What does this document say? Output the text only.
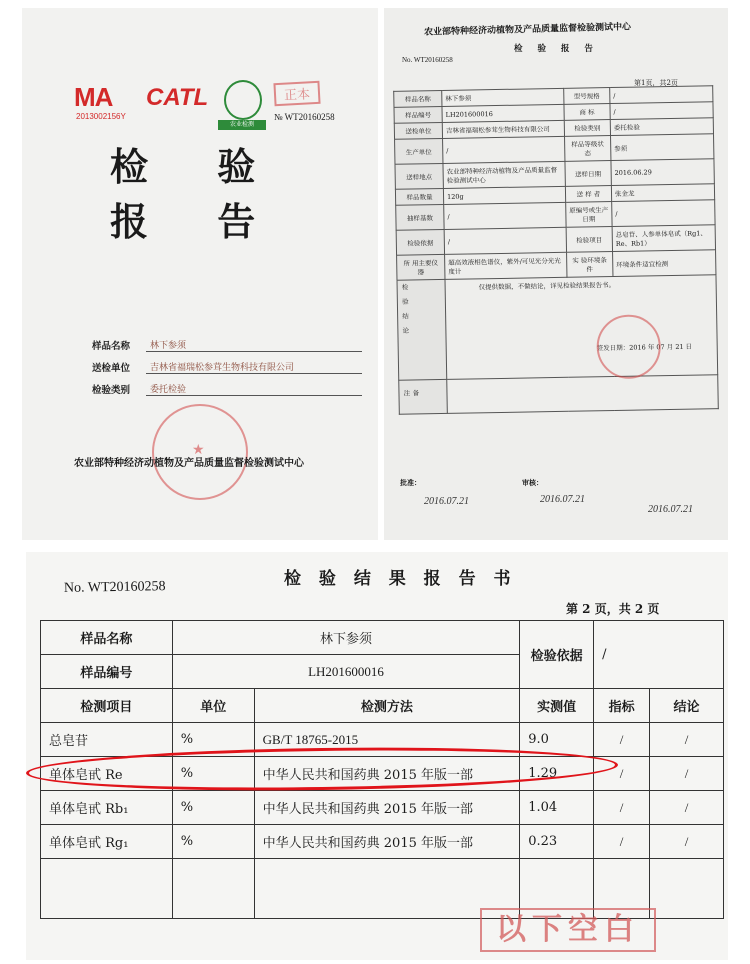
MA
2013002156Y
CATL
农业检测
正本
№ WT20160258
检 验 报 告
样品名称	林下参须
送检单位	吉林省福瑞松参茸生物科技有限公司
检验类别	委托检验
★
农业部特种经济动植物及产品质量监督检验测试中心
农业部特种经济动植物及产品质量监督检验测试中心
检 验 报 告
No. WT20160258
第1页，共2页
样品名称	林下参须	型号规格	/
样品编号	LH201600016	商 标	/
送检单位	吉林省福瑞松参茸生物科技有限公司	检验类别	委托检验
生产单位	/	样品等级状 态	参须
送样地点	农业部特种经济动植物及产品质量监督检验测试中心	送样日期	2016.06.29
样品数量	120g	送 样 者	张金龙
抽样基数	/	原编号或生产日期	/
检验依据	/	检验项目	总皂苷、人参单体皂甙（Rg1、Re、Rb1）
所 用主要仪器	超高效液相色谱仪，紫外/可见光分光光度计	实 验环境条件	环境条件适宜检测

检验结论	仅提供数据，不做结论，详见检验结果报告书。
签发日期：2016 年 07 月 21 日		

备注			

批准：
2016.07.21
审核：
2016.07.21
2016.07.21
检 验 结 果 报 告 书
No. WT20160258
第 2 页，共 2 页
样品名称	林下参须		检验依据	/	
样品编号	LH201600016				
检测项目	单位	检测方法	实测值	指标	结论
总皂苷	%	GB/T 18765-2015	9.0	/	/
单体皂甙 Re	%	中华人民共和国药典 2015 年版一部	1.29	/	/
单体皂甙 Rb₁	%	中华人民共和国药典 2015 年版一部	1.04	/	/
单体皂甙 Rg₁	%	中华人民共和国药典 2015 年版一部	0.23	/	/

以下空白
